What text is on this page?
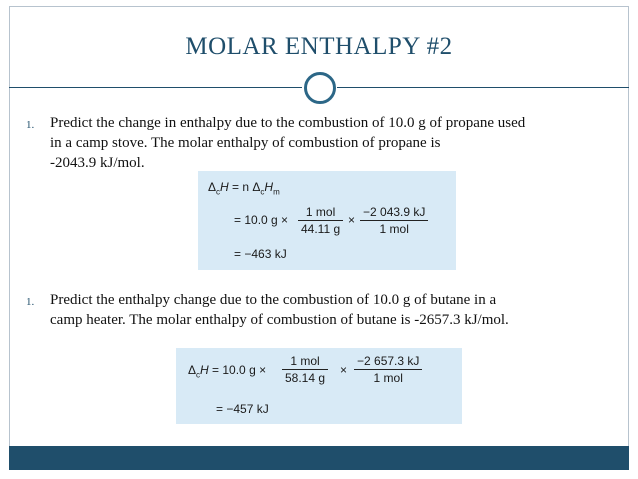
MOLAR ENTHALPY #2
1. Predict the change in enthalpy due to the combustion of 10.0 g of propane used
in a camp stove. The molar enthalpy of combustion of propane is
-2043.9 kJ/mol.
$\Delta_cH = n$ $\Delta_cH_m$
= 10.0 g ×
1 mol
44.11 g
×
−2 043.9 kJ
1 mol
= −463 kJ
1. Predict the enthalpy change due to the combustion of 10.0 g of butane in a
camp heater. The molar enthalpy of combustion of butane is -2657.3 kJ/mol.
$\Delta_cH = 10.0$ g ×
1 mol
58.14 g
×
−2 657.3 kJ
1 mol
= −457 kJ
